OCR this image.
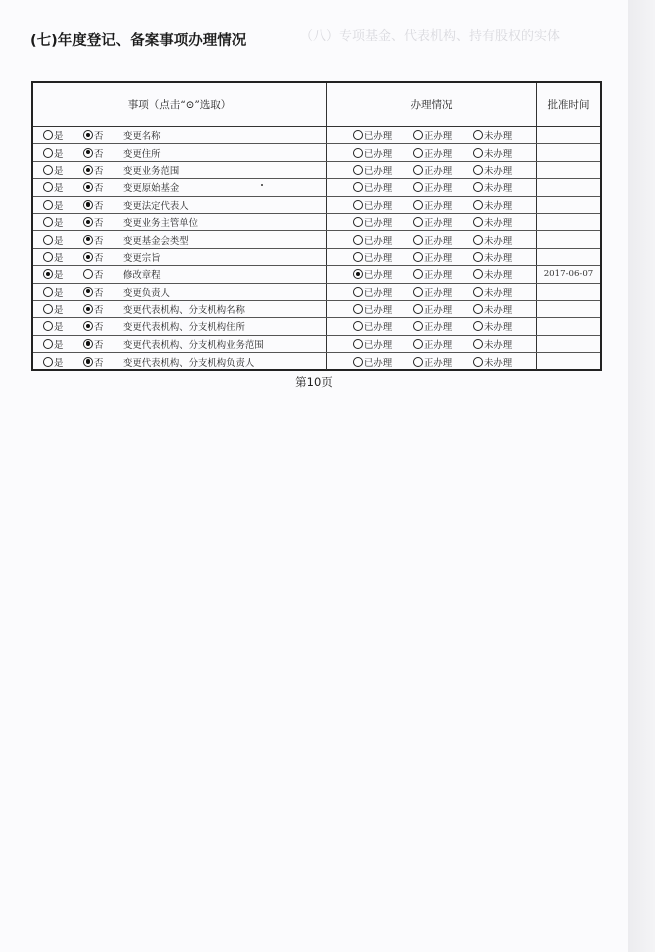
（八）专项基金、代表机构、持有股权的实体
(七)年度登记、备案事项办理情况
事项（点击“⊙”选取）	办理情况	批准时间
是	否 变更名称	已办理	正办理	未办理
是	否 变更住所	已办理	正办理	未办理
是	否 变更业务范围	已办理	正办理	未办理
是	否 变更原始基金	已办理	正办理	未办理
是	否 变更法定代表人	已办理	正办理	未办理
是	否 变更业务主管单位	已办理	正办理	未办理
是	否 变更基金会类型	已办理	正办理	未办理
是	否 变更宗旨	已办理	正办理	未办理
是	否 修改章程	已办理	正办理	未办理	2017-06-07
是	否 变更负责人	已办理	正办理	未办理
是	否 变更代表机构、分支机构名称	已办理	正办理	未办理
是	否 变更代表机构、分支机构住所	已办理	正办理	未办理
是	否 变更代表机构、分支机构业务范围	已办理	正办理	未办理
是	否 变更代表机构、分支机构负责人	已办理	正办理	未办理
第10页
